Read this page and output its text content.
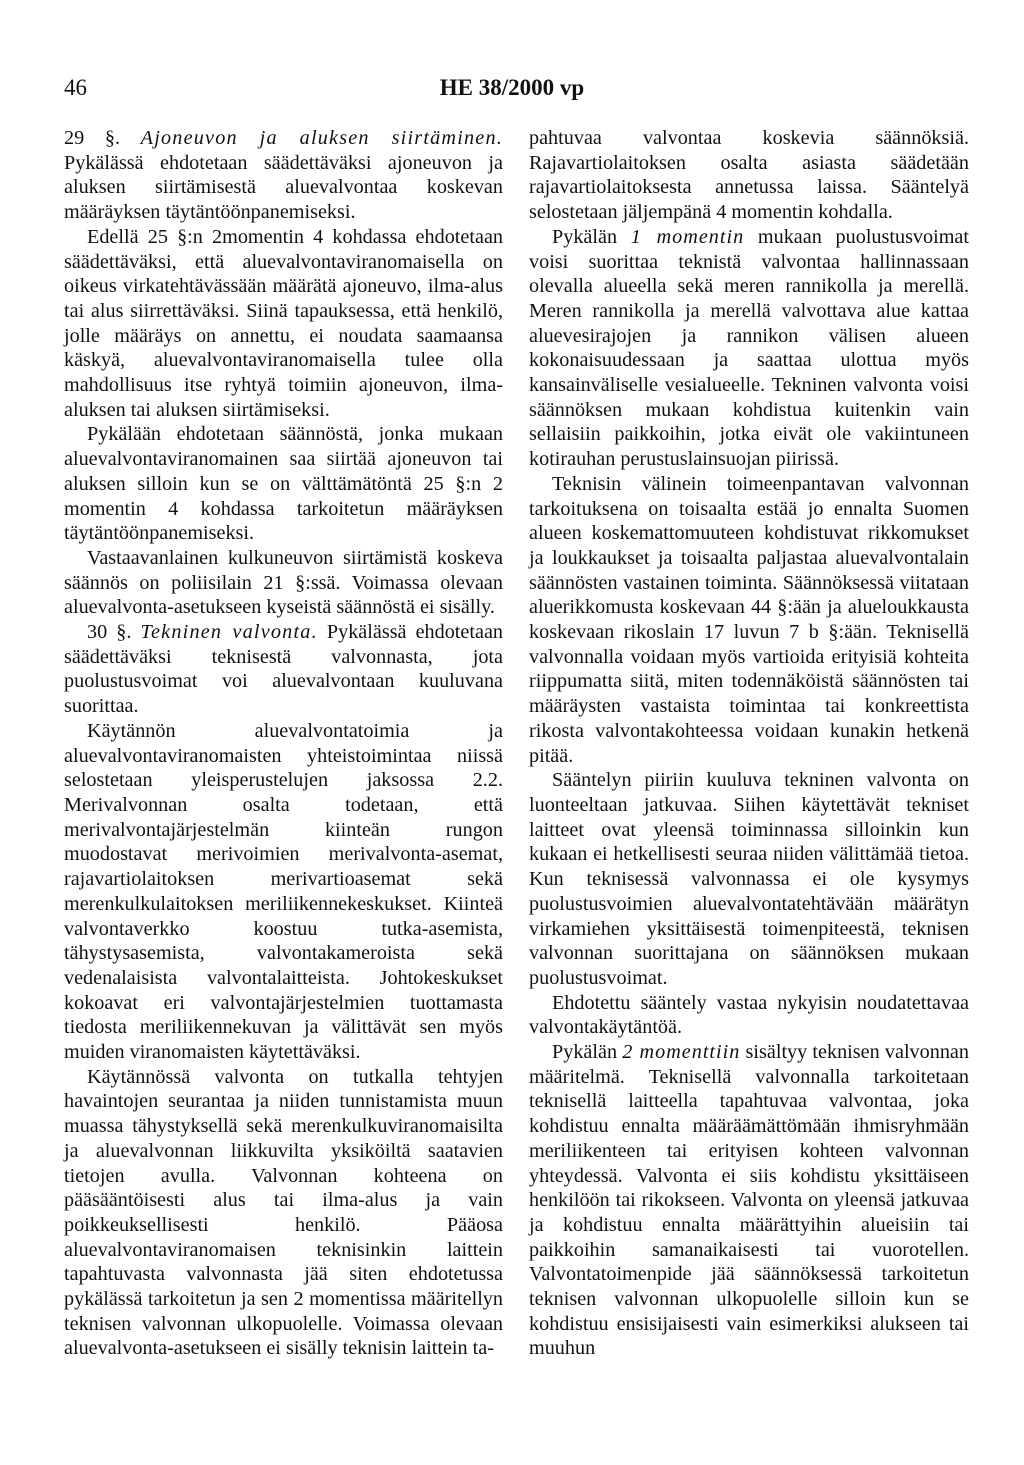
46	HE 38/2000 vp

29 §. Ajoneuvon ja aluksen siirtäminen. Pykälässä ehdotetaan säädettäväksi ajoneuvon ja aluksen siirtämisestä aluevalvontaa koskevan määräyksen täytäntöönpanemiseksi.

Edellä 25 §:n 2momentin 4 kohdassa ehdotetaan säädettäväksi, että aluevalvontaviranomaisella on oikeus virkatehtävässään määrätä ajoneuvo, ilma-alus tai alus siirrettäväksi. Siinä tapauksessa, että henkilö, jolle määräys on annettu, ei noudata saamaansa käskyä, aluevalvontaviranomaisella tulee olla mahdollisuus itse ryhtyä toimiin ajoneuvon, ilma-aluksen tai aluksen siirtämiseksi.

Pykälään ehdotetaan säännöstä, jonka mukaan aluevalvontaviranomainen saa siirtää ajoneuvon tai aluksen silloin kun se on välttämätöntä 25 §:n 2 momentin 4 kohdassa tarkoitetun määräyksen täytäntöönpanemiseksi.

Vastaavanlainen kulkuneuvon siirtämistä koskeva säännös on poliisilain 21 §:ssä. Voimassa olevaan aluevalvonta-asetukseen kyseistä säännöstä ei sisälly.

30 §. Tekninen valvonta. Pykälässä ehdotetaan säädettäväksi teknisestä valvonnasta, jota puolustusvoimat voi aluevalvontaan kuuluvana suorittaa.

Käytännön aluevalvontatoimia ja aluevalvontaviranomaisten yhteistoimintaa niissä selostetaan yleisperustelujen jaksossa 2.2. Merivalvonnan osalta todetaan, että merivalvontajärjestelmän kiinteän rungon muodostavat merivoimien merivalvonta-asemat, rajavartiolaitoksen merivartioasemat sekä merenkulkulaitoksen meriliikennekeskukset. Kiinteä valvontaverkko koostuu tutka-asemista, tähystysasemista, valvontakameroista sekä vedenalaisista valvontalaitteista. Johtokeskukset kokoavat eri valvontajärjestelmien tuottamasta tiedosta meriliikennekuvan ja välittävät sen myös muiden viranomaisten käytettäväksi.

Käytännössä valvonta on tutkalla tehtyjen havaintojen seurantaa ja niiden tunnistamista muun muassa tähystyksellä sekä merenkulkuviranomaisilta ja aluevalvonnan liikkuvilta yksiköiltä saatavien tietojen avulla. Valvonnan kohteena on pääsääntöisesti alus tai ilma-alus ja vain poikkeuksellisesti henkilö. Pääosa aluevalvontaviranomaisen teknisinkin laittein tapahtuvasta valvonnasta jää siten ehdotetussa pykälässä tarkoitetun ja sen 2 momentissa määritellyn teknisen valvonnan ulkopuolelle. Voimassa olevaan aluevalvonta-asetukseen ei sisälly teknisin laittein ta-

pahtuvaa valvontaa koskevia säännöksiä. Rajavartiolaitoksen osalta asiasta säädetään rajavartiolaitoksesta annetussa laissa. Sääntelyä selostetaan jäljempänä 4 momentin kohdalla.

Pykälän 1 momentin mukaan puolustusvoimat voisi suorittaa teknistä valvontaa hallinnassaan olevalla alueella sekä meren rannikolla ja merellä. Meren rannikolla ja merellä valvottava alue kattaa aluevesirajojen ja rannikon välisen alueen kokonaisuudessaan ja saattaa ulottua myös kansainväliselle vesialueelle. Tekninen valvonta voisi säännöksen mukaan kohdistua kuitenkin vain sellaisiin paikkoihin, jotka eivät ole vakiintuneen kotirauhan perustuslainsuojan piirissä.

Teknisin välinein toimeenpantavan valvonnan tarkoituksena on toisaalta estää jo ennalta Suomen alueen koskemattomuuteen kohdistuvat rikkomukset ja loukkaukset ja toisaalta paljastaa aluevalvontalain säännösten vastainen toiminta. Säännöksessä viitataan aluerikkomusta koskevaan 44 §:ään ja alueloukkausta koskevaan rikoslain 17 luvun 7 b §:ään. Teknisellä valvonnalla voidaan myös vartioida erityisiä kohteita riippumatta siitä, miten todennäköistä säännösten tai määräysten vastaista toimintaa tai konkreettista rikosta valvontakohteessa voidaan kunakin hetkenä pitää.

Sääntelyn piiriin kuuluva tekninen valvonta on luonteeltaan jatkuvaa. Siihen käytettävät tekniset laitteet ovat yleensä toiminnassa silloinkin kun kukaan ei hetkellisesti seuraa niiden välittämää tietoa. Kun teknisessä valvonnassa ei ole kysymys puolustusvoimien aluevalvontatehtävään määrätyn virkamiehen yksittäisestä toimenpiteestä, teknisen valvonnan suorittajana on säännöksen mukaan puolustusvoimat.

Ehdotettu sääntely vastaa nykyisin noudatettavaa valvontakäytäntöä.

Pykälän 2 momenttiin sisältyy teknisen valvonnan määritelmä. Teknisellä valvonnalla tarkoitetaan teknisellä laitteella tapahtuvaa valvontaa, joka kohdistuu ennalta määräämättömään ihmisryhmään meriliikenteen tai erityisen kohteen valvonnan yhteydessä. Valvonta ei siis kohdistu yksittäiseen henkilöön tai rikokseen. Valvonta on yleensä jatkuvaa ja kohdistuu ennalta määrättyihin alueisiin tai paikkoihin samanaikaisesti tai vuorotellen. Valvontatoimenpide jää säännöksessä tarkoitetun teknisen valvonnan ulkopuolelle silloin kun se kohdistuu ensisijaisesti vain esimerkiksi alukseen tai muuhun
